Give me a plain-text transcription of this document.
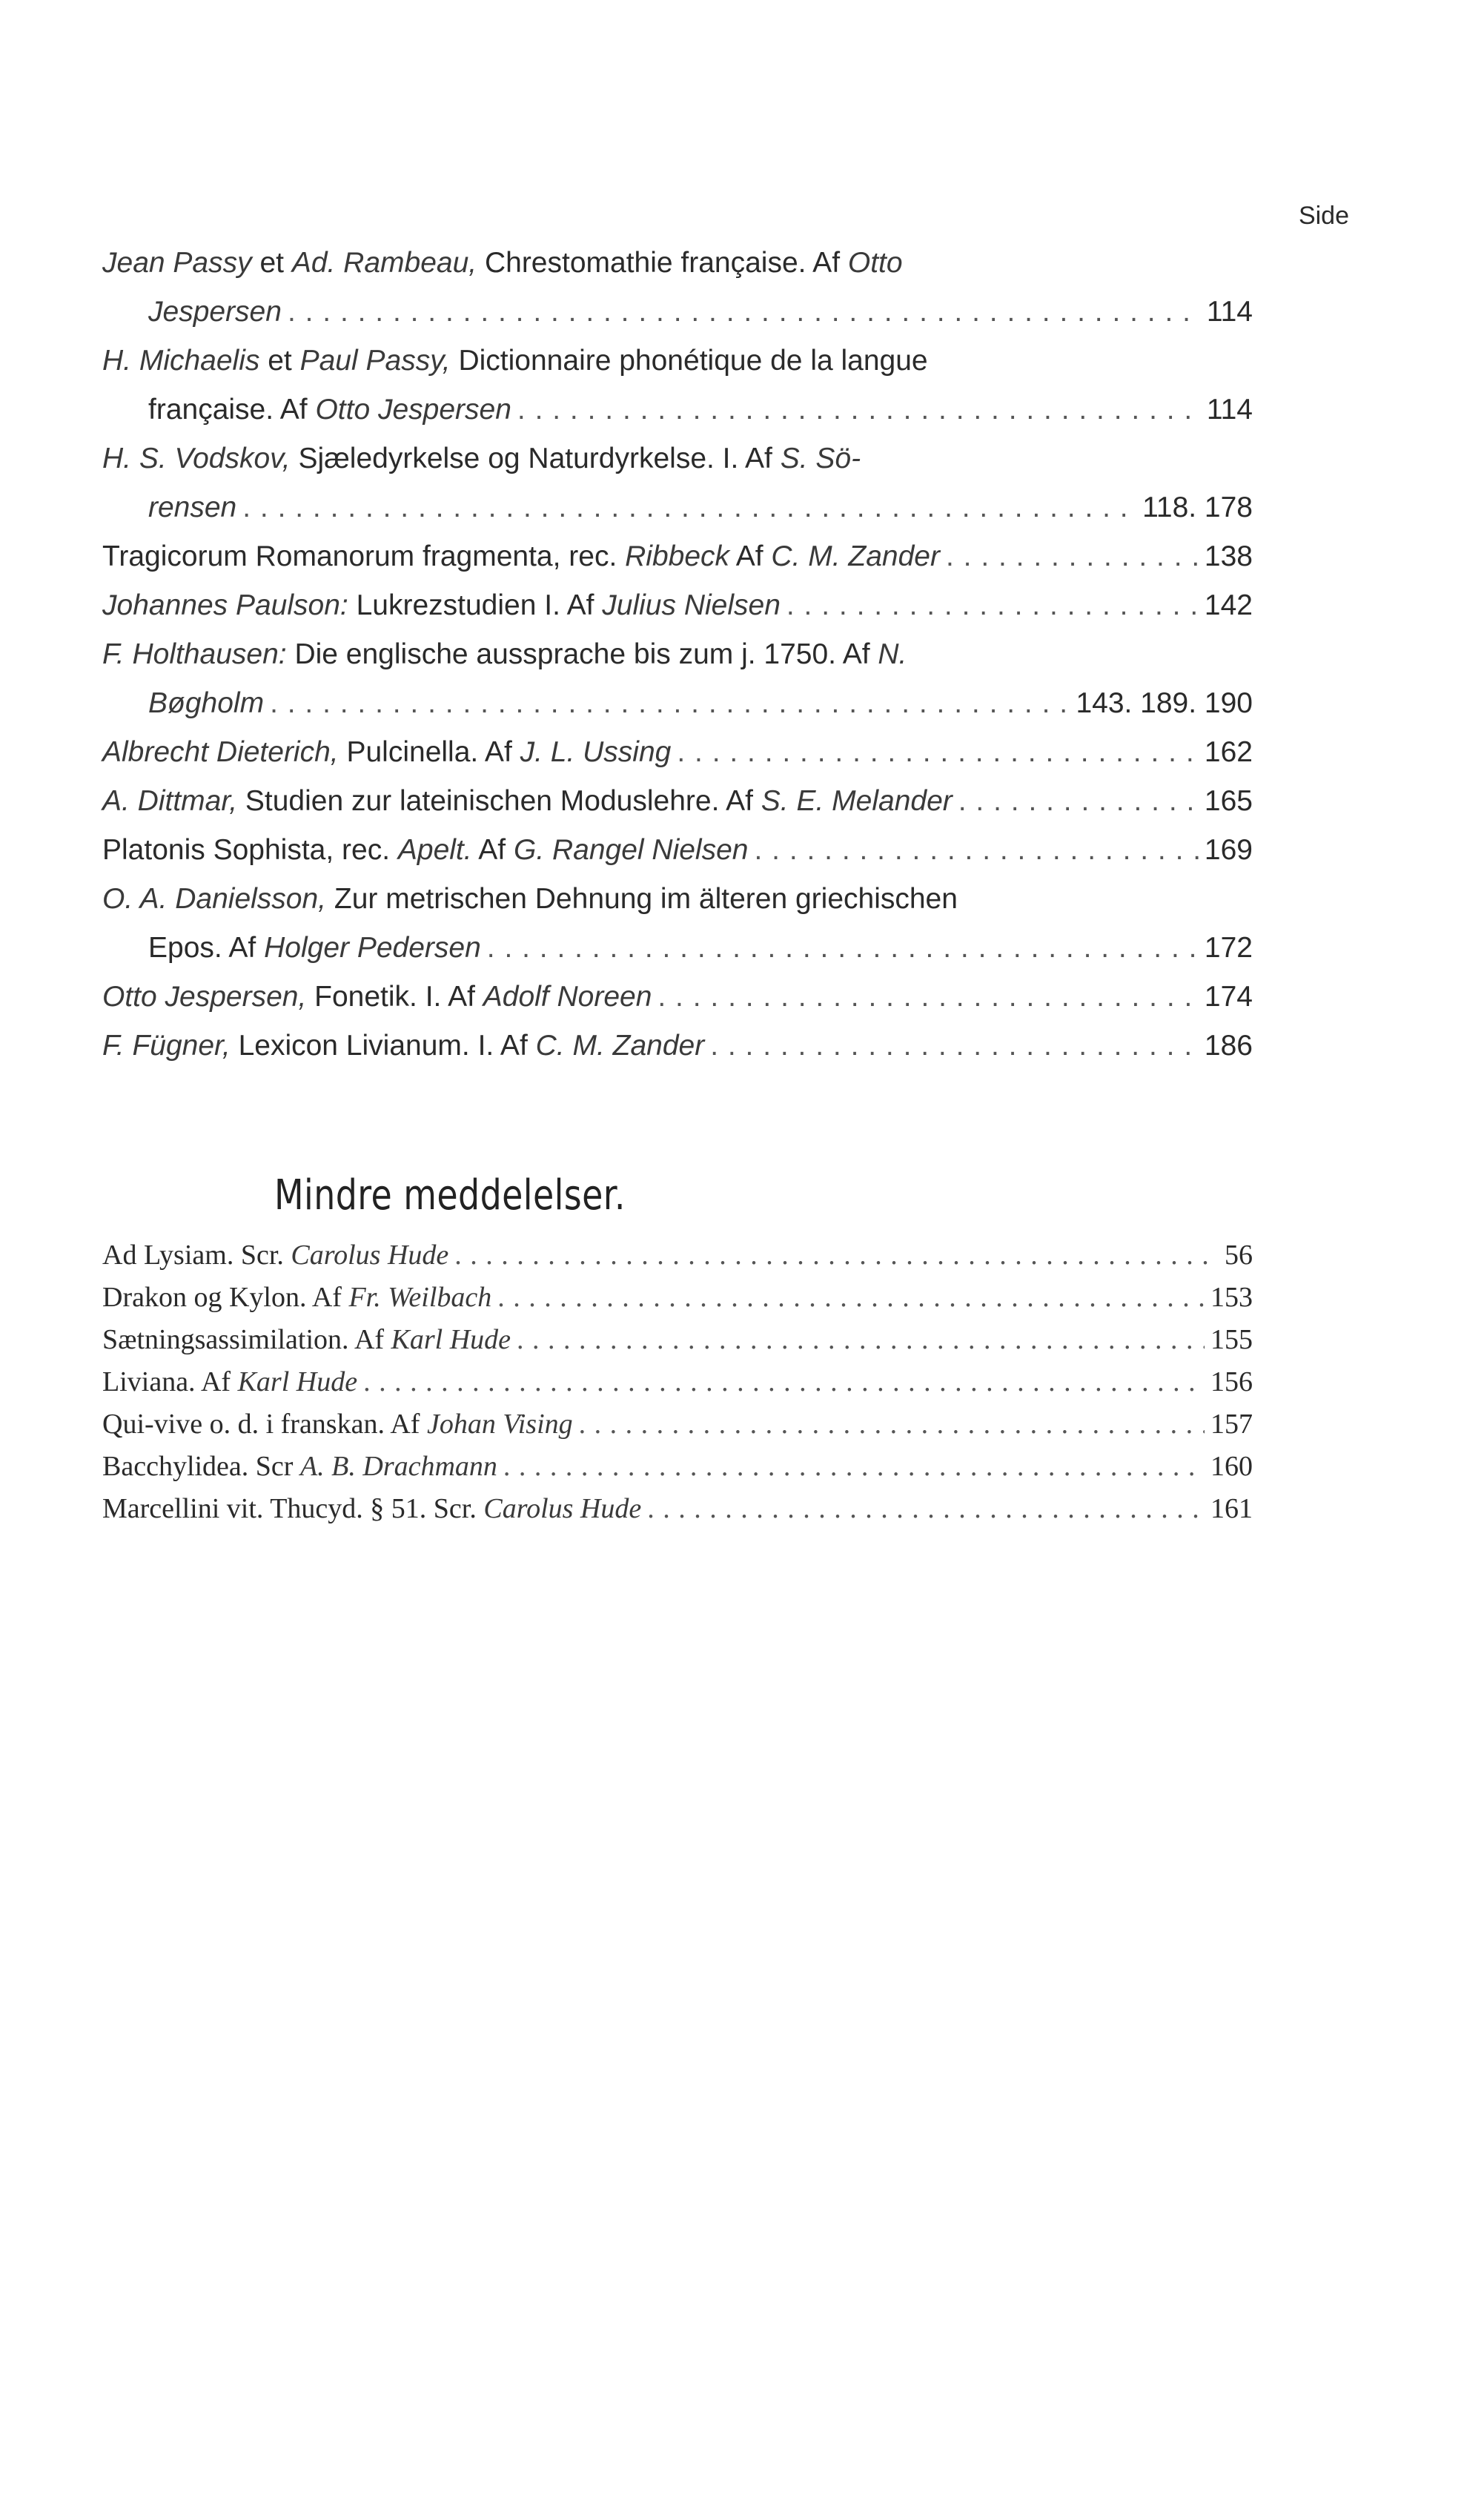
Side
Jean Passy et Ad. Rambeau, Chrestomathie française. Af Otto
Jespersen . . .	114
H. Michaelis et Paul Passy, Dictionnaire phonétique de la langue
française. Af Otto Jespersen . . .	114
H. S. Vodskov, Sjæledyrkelse og Naturdyrkelse. I. Af S. Sö-
rensen . . .	118. 178
Tragicorum Romanorum fragmenta, rec. Ribbeck Af C. M. Zander . . .	138
Johannes Paulson: Lukrezstudien I. Af Julius Nielsen . . .	142
F. Holthausen: Die englische aussprache bis zum j. 1750. Af N.
Bøgholm . . .	143. 189. 190
Albrecht Dieterich, Pulcinella. Af J. L. Ussing . . .	162
A. Dittmar, Studien zur lateinischen Moduslehre. Af S. E. Melander . . .	165
Platonis Sophista, rec. Apelt. Af G. Rangel Nielsen . . .	169
O. A. Danielsson, Zur metrischen Dehnung im älteren griechischen
Epos. Af Holger Pedersen . . .	172
Otto Jespersen, Fonetik. I. Af Adolf Noreen . . .	174
F. Fügner, Lexicon Livianum. I. Af C. M. Zander . . .	186
Mindre meddelelser.
Ad Lysiam. Scr. Carolus Hude . . .	56
Drakon og Kylon. Af Fr. Weilbach . . .	153
Sætningsassimilation. Af Karl Hude . . .	155
Liviana. Af Karl Hude . . .	156
Qui-vive o. d. i franskan. Af Johan Vising . . .	157
Bacchylidea. Scr A. B. Drachmann . . .	160
Marcellini vit. Thucyd. § 51. Scr. Carolus Hude . . .	161
